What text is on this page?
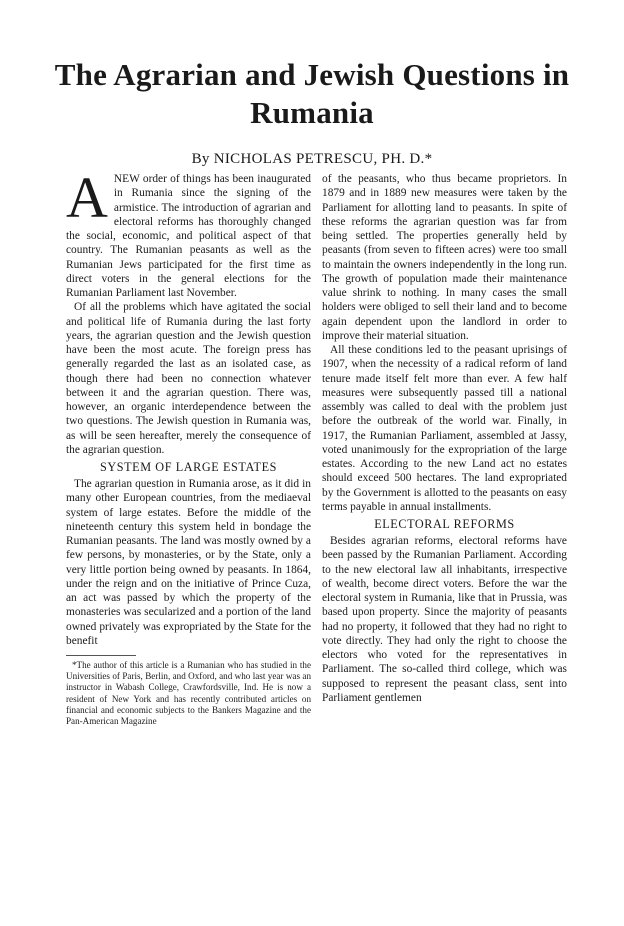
The Agrarian and Jewish Questions in Rumania
By NICHOLAS PETRESCU, PH. D.*

ANEW order of things has been inaugurated in Rumania since the signing of the armistice. The introduction of agrarian and electoral reforms has thoroughly changed the social, economic, and political aspect of that country. The Rumanian peasants as well as the Rumanian Jews participated for the first time as direct voters in the general elections for the Rumanian Parliament last November.

Of all the problems which have agitated the social and political life of Rumania during the last forty years, the agrarian question and the Jewish question have been the most acute. The foreign press has generally regarded the last as an isolated case, as though there had been no connection whatever between it and the agrarian question. There was, however, an organic interdependence between the two questions. The Jewish question in Rumania was, as will be seen hereafter, merely the consequence of the agrarian question.

SYSTEM OF LARGE ESTATES

The agrarian question in Rumania arose, as it did in many other European countries, from the mediaeval system of large estates. Before the middle of the nineteenth century this system held in bondage the Rumanian peasants. The land was mostly owned by a few persons, by monasteries, or by the State, only a very little portion being owned by peasants. In 1864, under the reign and on the initiative of Prince Cuza, an act was passed by which the property of the monasteries was secularized and a portion of the land owned privately was expropriated by the State for the benefit

*The author of this article is a Rumanian who has studied in the Universities of Paris, Berlin, and Oxford, and who last year was an instructor in Wabash College, Crawfordsville, Ind. He is now a resident of New York and has recently contributed articles on financial and economic subjects to the Bankers Magazine and the Pan-American Magazine

of the peasants, who thus became proprietors. In 1879 and in 1889 new measures were taken by the Parliament for allotting land to peasants. In spite of these reforms the agrarian question was far from being settled. The properties generally held by peasants (from seven to fifteen acres) were too small to maintain the owners independently in the long run. The growth of population made their maintenance value shrink to nothing. In many cases the small holders were obliged to sell their land and to become again dependent upon the landlord in order to improve their material situation.

All these conditions led to the peasant uprisings of 1907, when the necessity of a radical reform of land tenure made itself felt more than ever. A few half measures were subsequently passed till a national assembly was called to deal with the problem just before the outbreak of the world war. Finally, in 1917, the Rumanian Parliament, assembled at Jassy, voted unanimously for the expropriation of the large estates. According to the new Land act no estates should exceed 500 hectares. The land expropriated by the Government is allotted to the peasants on easy terms payable in annual installments.

ELECTORAL REFORMS

Besides agrarian reforms, electoral reforms have been passed by the Rumanian Parliament. According to the new electoral law all inhabitants, irrespective of wealth, become direct voters. Before the war the electoral system in Rumania, like that in Prussia, was based upon property. Since the majority of peasants had no property, it followed that they had no right to vote directly. They had only the right to choose the electors who voted for the representatives in Parliament. The so-called third college, which was supposed to represent the peasant class, sent into Parliament gentlemen
